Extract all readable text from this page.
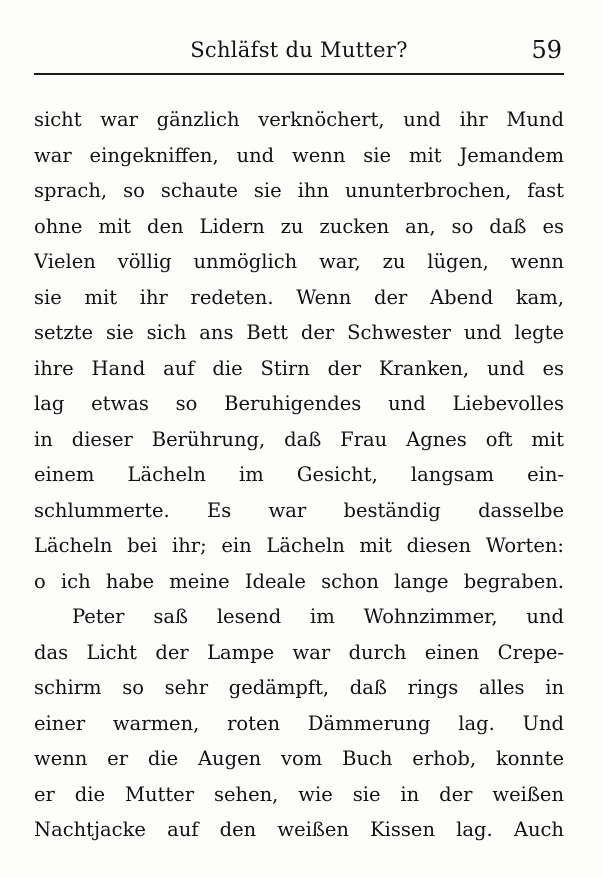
Schläfst du Mutter?	59
sicht war gänzlich verknöchert, und ihr Mund
war eingekniffen, und wenn sie mit Jemandem
sprach, so schaute sie ihn ununterbrochen, fast
ohne mit den Lidern zu zucken an, so daß es
Vielen völlig unmöglich war, zu lügen, wenn
sie mit ihr redeten. Wenn der Abend kam,
setzte sie sich ans Bett der Schwester und legte
ihre Hand auf die Stirn der Kranken, und es
lag etwas so Beruhigendes und Liebevolles
in dieser Berührung, daß Frau Agnes oft mit
einem Lächeln im Gesicht, langsam ein-
schlummerte. Es war beständig dasselbe
Lächeln bei ihr; ein Lächeln mit diesen Worten:
o ich habe meine Ideale schon lange begraben.
Peter saß lesend im Wohnzimmer, und
das Licht der Lampe war durch einen Crepe-
schirm so sehr gedämpft, daß rings alles in
einer warmen, roten Dämmerung lag. Und
wenn er die Augen vom Buch erhob, konnte
er die Mutter sehen, wie sie in der weißen
Nachtjacke auf den weißen Kissen lag. Auch
